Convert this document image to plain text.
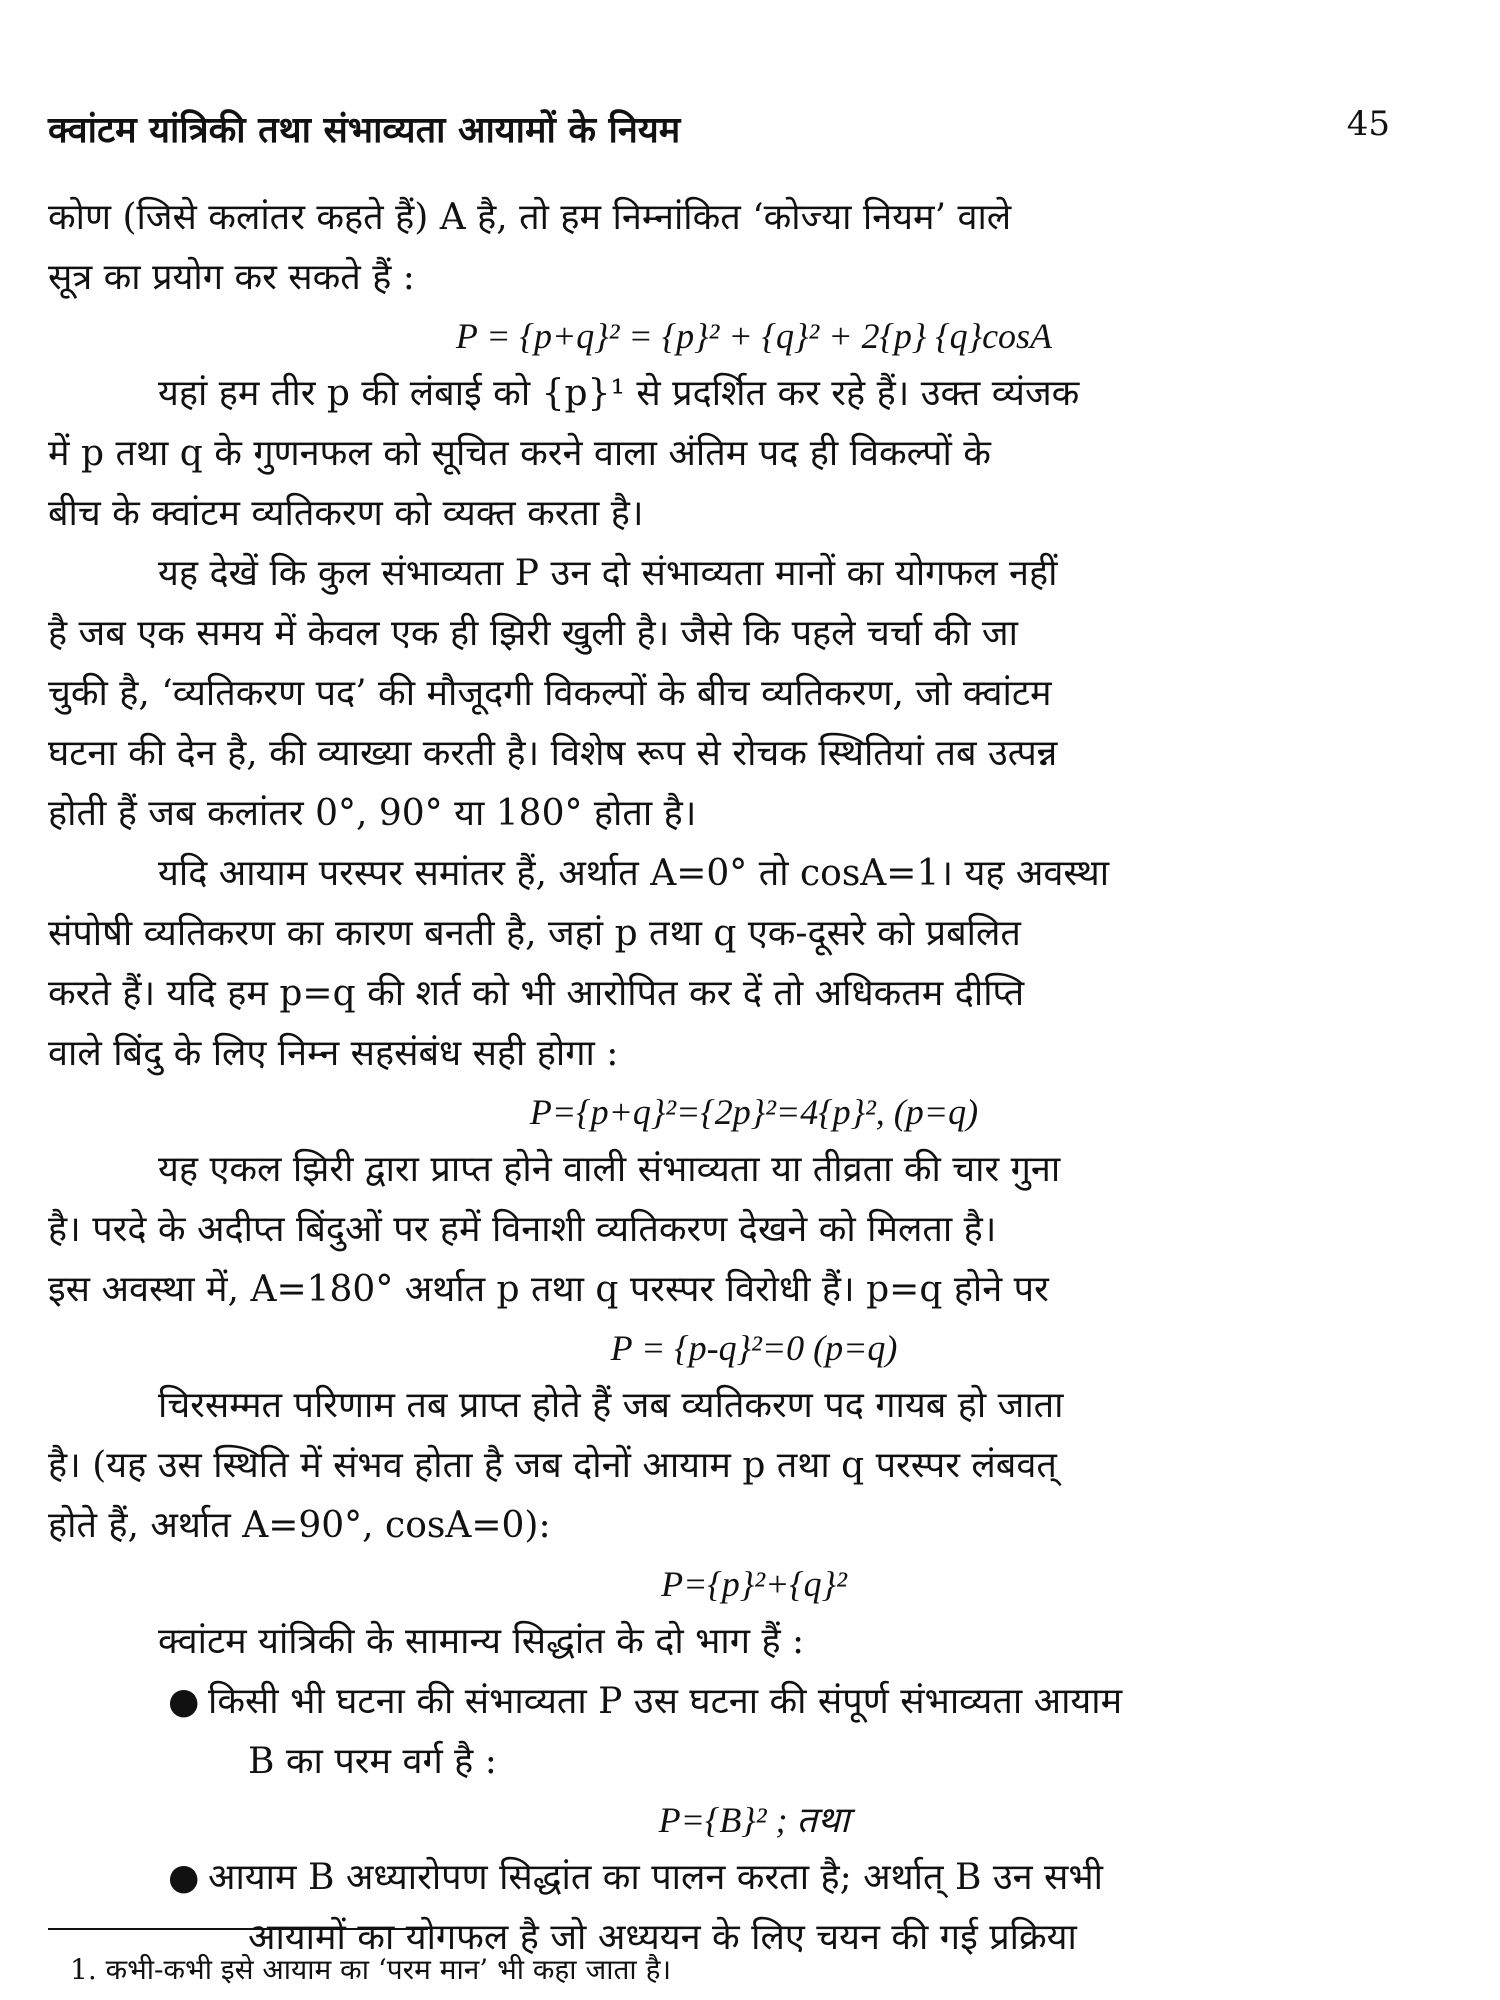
क्वांटम यांत्रिकी तथा संभाव्यता आयामों के नियम	45

कोण (जिसे कलांतर कहते हैं) A है, तो हम निम्नांकित ‘कोज्या नियम’ वाले

सूत्र का प्रयोग कर सकते हैं :

P = {p+q}² = {p}² + {q}² + 2{p} {q}cosA

यहां हम तीर p की लंबाई को {p}¹ से प्रदर्शित कर रहे हैं। उक्त व्यंजक

में p तथा q के गुणनफल को सूचित करने वाला अंतिम पद ही विकल्पों के

बीच के क्वांटम व्यतिकरण को व्यक्त करता है।

यह देखें कि कुल संभाव्यता P उन दो संभाव्यता मानों का योगफल नहीं

है जब एक समय में केवल एक ही झिरी खुली है। जैसे कि पहले चर्चा की जा

चुकी है, ‘व्यतिकरण पद’ की मौजूदगी विकल्पों के बीच व्यतिकरण, जो क्वांटम

घटना की देन है, की व्याख्या करती है। विशेष रूप से रोचक स्थितियां तब उत्पन्न

होती हैं जब कलांतर 0°, 90° या 180° होता है।

यदि आयाम परस्पर समांतर हैं, अर्थात A=0° तो cosA=1। यह अवस्था

संपोषी व्यतिकरण का कारण बनती है, जहां p तथा q एक-दूसरे को प्रबलित

करते हैं। यदि हम p=q की शर्त को भी आरोपित कर दें तो अधिकतम दीप्ति

वाले बिंदु के लिए निम्न सहसंबंध सही होगा :

P={p+q}²={2p}²=4{p}², (p=q)

यह एकल झिरी द्वारा प्राप्त होने वाली संभाव्यता या तीव्रता की चार गुना

है। परदे के अदीप्त बिंदुओं पर हमें विनाशी व्यतिकरण देखने को मिलता है।

इस अवस्था में, A=180° अर्थात p तथा q परस्पर विरोधी हैं। p=q होने पर

P = {p-q}²=0 (p=q)

चिरसम्मत परिणाम तब प्राप्त होते हैं जब व्यतिकरण पद गायब हो जाता

है। (यह उस स्थिति में संभव होता है जब दोनों आयाम p तथा q परस्पर लंबवत्

होते हैं, अर्थात A=90°, cosA=0):

P={p}²+{q}²

क्वांटम यांत्रिकी के सामान्य सिद्धांत के दो भाग हैं :

● किसी भी घटना की संभाव्यता P उस घटना की संपूर्ण संभाव्यता आयाम

B का परम वर्ग है :

P={B}² ; तथा

● आयाम B अध्यारोपण सिद्धांत का पालन करता है; अर्थात् B उन सभी

आयामों का योगफल है जो अध्ययन के लिए चयन की गई प्रक्रिया

1. कभी-कभी इसे आयाम का ‘परम मान’ भी कहा जाता है।
